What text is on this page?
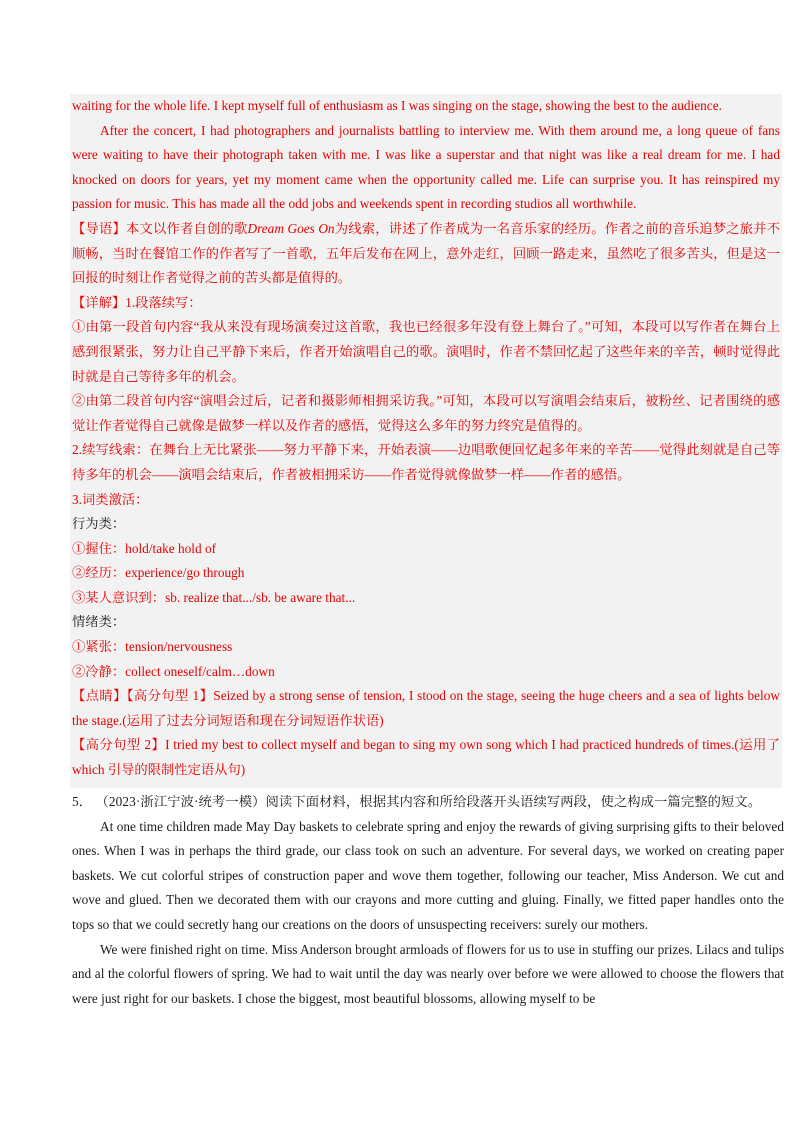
waiting for the whole life. I kept myself full of enthusiasm as I was singing on the stage, showing the best to the audience.

After the concert, I had photographers and journalists battling to interview me. With them around me, a long queue of fans were waiting to have their photograph taken with me. I was like a superstar and that night was like a real dream for me. I had knocked on doors for years, yet my moment came when the opportunity called me. Life can surprise you. It has reinspired my passion for music. This has made all the odd jobs and weekends spent in recording studios all worthwhile.

【导语】本文以作者自创的歌Dream Goes On为线索，讲述了作者成为一名音乐家的经历。作者之前的音乐追梦之旅并不顺畅，当时在餐馆工作的作者写了一首歌，五年后发布在网上，意外走红，回顾一路走来，虽然吃了很多苦头，但是这一回报的时刻让作者觉得之前的苦头都是值得的。

【详解】1.段落续写：

①由第一段首句内容“我从来没有现场演奏过这首歌，我也已经很多年没有登上舞台了。”可知，本段可以写作者在舞台上感到很紧张，努力让自己平静下来后，作者开始演唱自己的歌。演唱时，作者不禁回忆起了这些年来的辛苦，顿时觉得此时就是自己等待多年的机会。

②由第二段首句内容“演唱会过后，记者和摄影师相拥采访我。”可知，本段可以写演唱会结束后，被粉丝、记者围绕的感觉让作者觉得自己就像是做梦一样以及作者的感悟，觉得这么多年的努力终究是值得的。

2.续写线索：在舞台上无比紧张——努力平静下来，开始表演——边唱歌便回忆起多年来的辛苦——觉得此刻就是自己等待多年的机会——演唱会结束后，作者被相拥采访——作者觉得就像做梦一样——作者的感悟。

3.词类激活：

行为类：

①握住：hold/take hold of

②经历：experience/go through

③某人意识到：sb. realize that.../sb. be aware that...

情绪类：

①紧张：tension/nervousness

②冷静：collect oneself/calm…down

【点睛】【高分句型 1】Seized by a strong sense of tension, I stood on the stage, seeing the huge cheers and a sea of lights below the stage.(运用了过去分词短语和现在分词短语作状语)

【高分句型 2】I tried my best to collect myself and began to sing my own song which I had practiced hundreds of times.(运用了 which 引导的限制性定语从句)

5． （2023·浙江宁波·统考一模）阅读下面材料，根据其内容和所给段落开头语续写两段，使之构成一篇完整的短文。

At one time children made May Day baskets to celebrate spring and enjoy the rewards of giving surprising gifts to their beloved ones. When I was in perhaps the third grade, our class took on such an adventure. For several days, we worked on creating paper baskets. We cut colorful stripes of construction paper and wove them together, following our teacher, Miss Anderson. We cut and wove and glued. Then we decorated them with our crayons and more cutting and gluing. Finally, we fitted paper handles onto the tops so that we could secretly hang our creations on the doors of unsuspecting receivers: surely our mothers.

We were finished right on time. Miss Anderson brought armloads of flowers for us to use in stuffing our prizes. Lilacs and tulips and al the colorful flowers of spring. We had to wait until the day was nearly over before we were allowed to choose the flowers that were just right for our baskets. I chose the biggest, most beautiful blossoms, allowing myself to be
